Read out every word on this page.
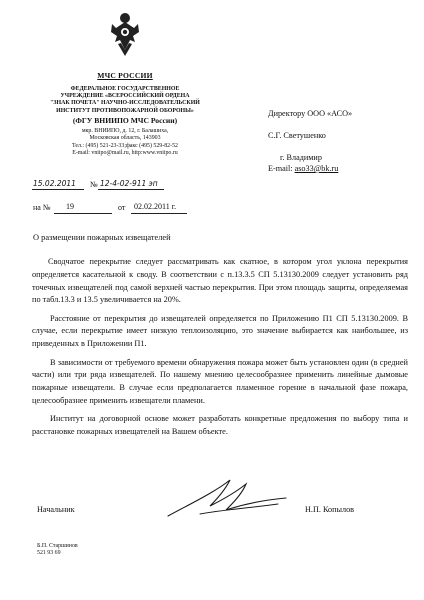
МЧС РОССИИ
ФЕДЕРАЛЬНОЕ ГОСУДАРСТВЕННОЕ
УЧРЕЖДЕНИЕ «ВСЕРОССИЙСКИЙ ОРДЕНА
"ЗНАК ПОЧЕТА" НАУЧНО-ИССЛЕДОВАТЕЛЬСКИЙ
ИНСТИТУТ ПРОТИВОПОЖАРНОЙ ОБОРОНЫ»
(ФГУ ВНИИПО МЧС России)
мкр. ВНИИПО, д. 12, г. Балашиха,
Московская область, 143903
Тел.: (495) 521-23-33;факс (495) 529-82-52
E-mail: vniipo@mail.ru, http:www.vniipo.ru
15.02.2011 № 12-4-02-911 эп
на № 19	от 02.02.2011 г.
Директору ООО «АСО»
С.Г. Светушенко
г. Владимир
E-mail: aso33@bk.ru
О размещении пожарных извещателей

Сводчатое перекрытие следует рассматривать как скатное, в котором угол уклона перекрытия определяется касательной к своду. В соответствии с п.13.3.5 СП 5.13130.2009 следует установить ряд точечных извещателей под самой верхней частью перекрытия. При этом площадь защиты, определяемая по табл.13.3 и 13.5 увеличивается на 20%.

Расстояние от перекрытия до извещателей определяется по Приложению П1 СП 5.13130.2009. В случае, если перекрытие имеет низкую теплоизоляцию, это значение выбирается как наибольшее, из приведенных в Приложении П1.

В зависимости от требуемого времени обнаружения пожара может быть установлен один (в средней части) или три ряда извещателей. По нашему мнению целесообразнее применить линейные дымовые пожарные извещатели. В случае если предполагается пламенное горение в начальной фазе пожара, целесообразнее применить извещатели пламени.

Институт на договорной основе может разработать конкретные предложения по выбору типа и расстановке пожарных извещателей на Вашем объекте.

Начальник	Н.П. Копылов
Б.П. Старшинов
521 93 69
